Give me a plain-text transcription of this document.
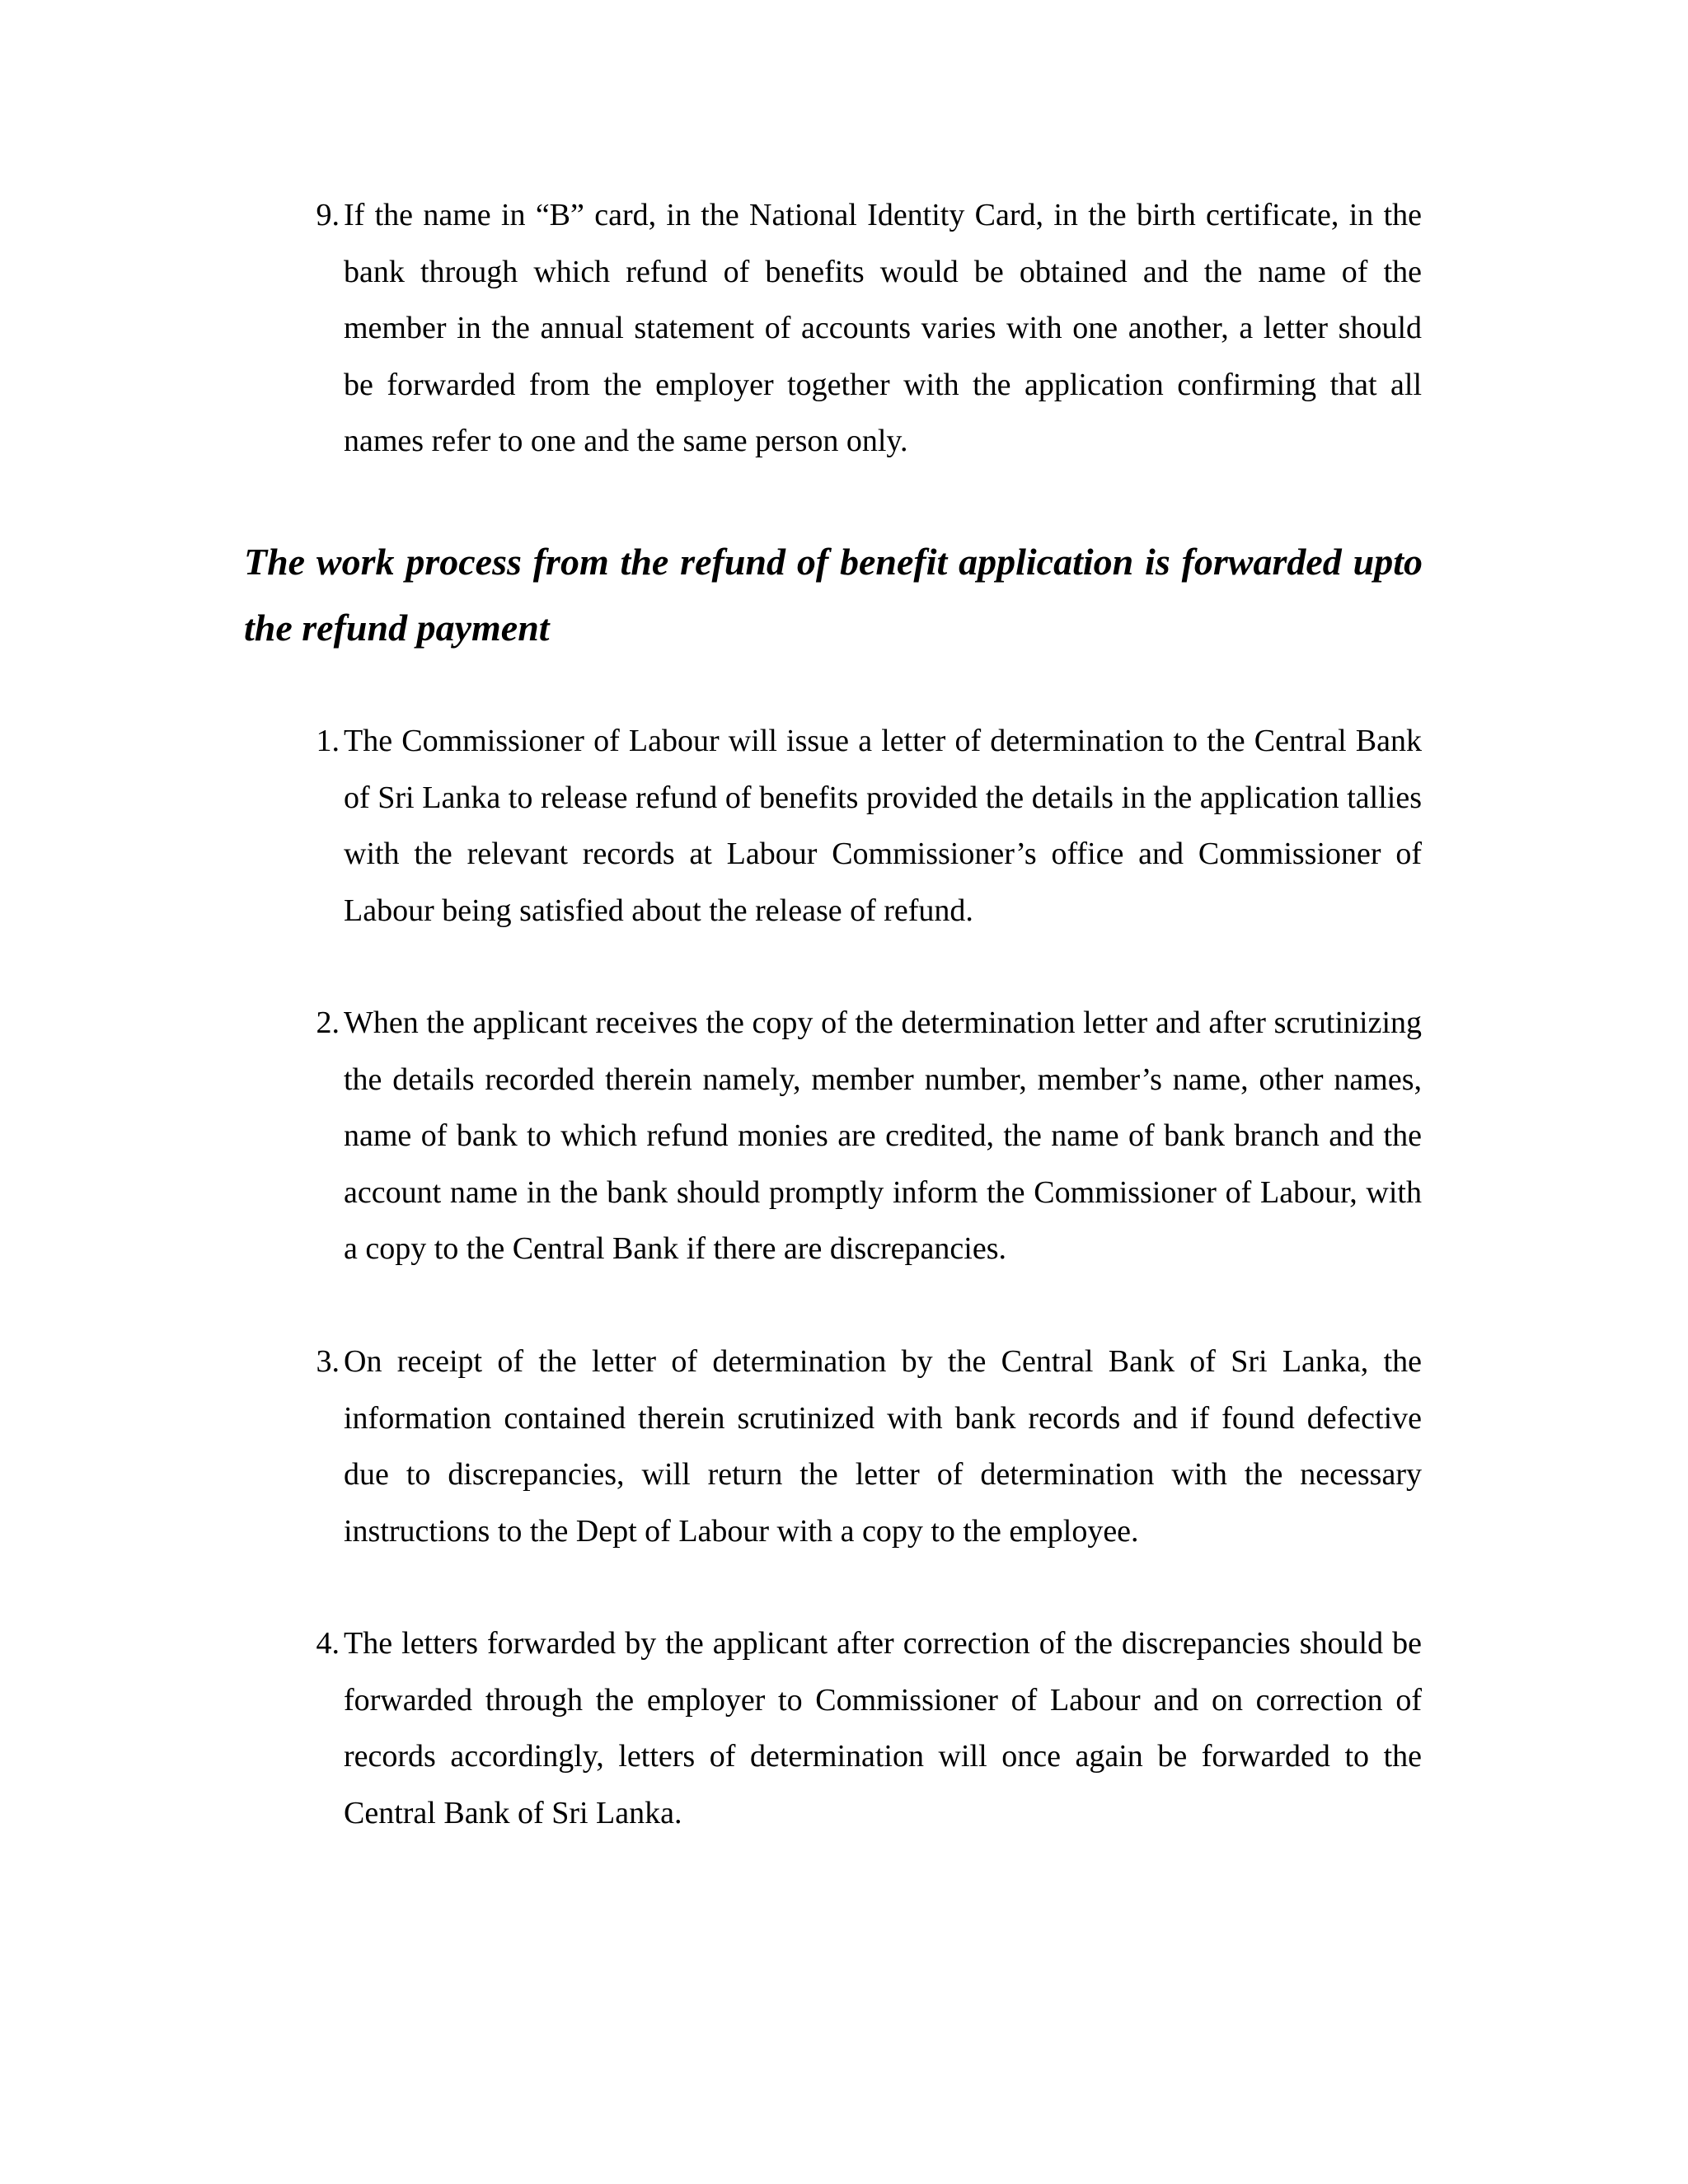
9. If the name in “B” card, in the National Identity Card, in the birth certificate, in the bank through which refund of benefits would be obtained and the name of the member in the annual statement of accounts varies with one another, a letter should be forwarded from the employer together with the application confirming that all names refer to one and the same person only.
The work process from the refund of benefit application is forwarded upto the refund payment
1. The Commissioner of Labour will issue a letter of determination to the Central Bank of Sri Lanka to release refund of benefits provided the details in the application tallies with the relevant records at Labour Commissioner’s office and Commissioner of Labour being satisfied about the release of refund.
2. When the applicant receives the copy of the determination letter and after scrutinizing the details recorded therein namely, member number, member’s name, other names, name of bank to which refund monies are credited, the name of bank branch and the account name in the bank should promptly inform the Commissioner of Labour, with a copy to the Central Bank if there are discrepancies.
3. On receipt of the letter of determination by the Central Bank of Sri Lanka, the information contained therein scrutinized with bank records and if found defective due to discrepancies, will return the letter of determination with the necessary instructions to the Dept of Labour with a copy to the employee.
4. The letters forwarded by the applicant after correction of the discrepancies should be forwarded through the employer to Commissioner of Labour and on correction of records accordingly, letters of determination will once again be forwarded to the Central Bank of Sri Lanka.
